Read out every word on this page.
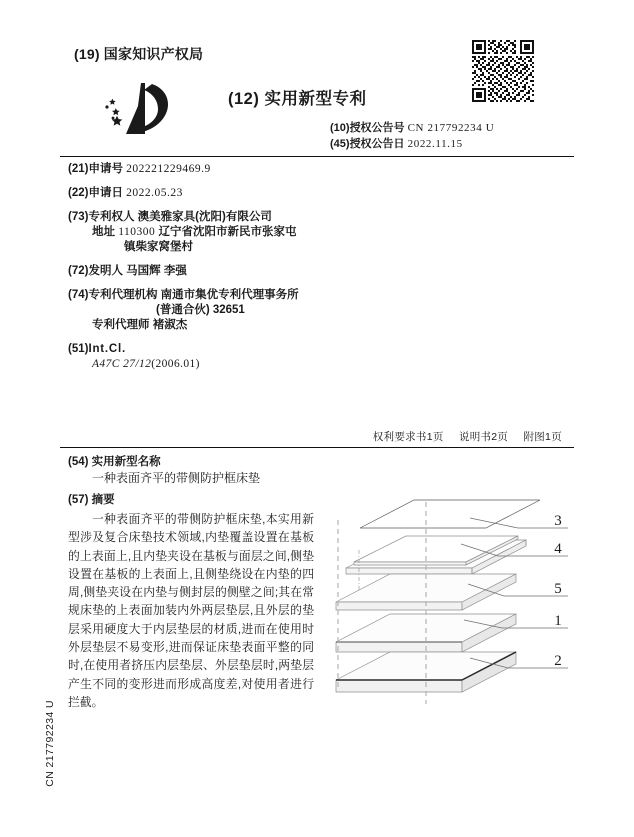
CN 217792234 U
(19) 国家知识产权局
(12) 实用新型专利
(10)授权公告号 CN 217792234 U
(45)授权公告日 2022.11.15
(21)申请号 202221229469.9
(22)申请日 2022.05.23
(73)专利权人 澳美雅家具(沈阳)有限公司
地址 110300 辽宁省沈阳市新民市张家屯
镇柴家窝堡村
(72)发明人 马国辉 李强
(74)专利代理机构 南通市集优专利代理事务所
(普通合伙) 32651
专利代理师 褚淑杰
(51)Int.Cl.
A47C 27/12(2006.01)
权利要求书1页 说明书2页 附图1页
(54) 实用新型名称
一种表面齐平的带侧防护框床垫
(57) 摘要
一种表面齐平的带侧防护框床垫,本实用新型涉及复合床垫技术领域,内垫覆盖设置在基板的上表面上,且内垫夹设在基板与面层之间,侧垫设置在基板的上表面上,且侧垫绕设在内垫的四周,侧垫夹设在内垫与侧封层的侧壁之间;其在常规床垫的上表面加装内外两层垫层,且外层的垫层采用硬度大于内层垫层的材质,进而在使用时外层垫层不易变形,进而保证床垫表面平整的同时,在使用者挤压内层垫层、外层垫层时,两垫层产生不同的变形进而形成高度差,对使用者进行拦截。
3
4
5
1
2
